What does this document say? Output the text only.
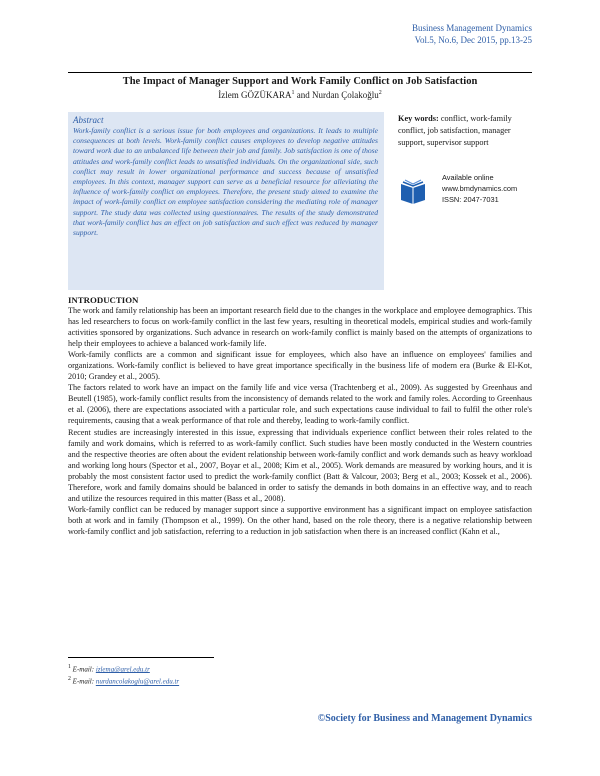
Business Management Dynamics
Vol.5, No.6, Dec 2015, pp.13-25
The Impact of Manager Support and Work Family Conflict on Job Satisfaction
İzlem GÖZÜKARA$^1$ and Nurdan Çolakoğlu$^2$
Abstract

Work-family conflict is a serious issue for both employees and organizations. It leads to multiple consequences at both levels. Work-family conflict causes employees to develop negative attitudes toward work due to an unbalanced life between their job and family. Job satisfaction is one of those attitudes and work-family conflict leads to unsatisfied individuals. On the organizational side, such conflict may result in lower organizational performance and success because of unsatisfied employees. In this context, manager support can serve as a beneficial resource for alleviating the influence of work-family conflict on employees. Therefore, the present study aimed to examine the impact of work-family conflict on employee satisfaction considering the mediating role of manager support. The study data was collected using questionnaires. The results of the study demonstrated that work-family conflict has an effect on job satisfaction and such effect was reduced by manager support.

Key words: conflict, work-family conflict, job satisfaction, manager support, supervisor support
Available online
www.bmdynamics.com
ISSN: 2047-7031
INTRODUCTION

The work and family relationship has been an important research field due to the changes in the workplace and employee demographics. This has led researchers to focus on work-family conflict in the last few years, resulting in theoretical models, empirical studies and work-family activities sponsored by organizations. Such advance in research on work-family conflict is mainly based on the attempts of organizations to help their employees to achieve a balanced work-family life.

Work-family conflicts are a common and significant issue for employees, which also have an influence on employees' families and organizations. Work-family conflict is believed to have great importance specifically in the business life of modern era (Burke & El-Kot, 2010; Grandey et al., 2005).

The factors related to work have an impact on the family life and vice versa (Trachtenberg et al., 2009). As suggested by Greenhaus and Beutell (1985), work-family conflict results from the inconsistency of demands related to the work and family roles. According to Greenhaus et al. (2006), there are expectations associated with a particular role, and such expectations cause individual to fail to fulfil the other role's requirements, causing that a weak performance of that role and thereby, leading to work-family conflict.

Recent studies are increasingly interested in this issue, expressing that individuals experience conflict between their roles related to the family and work domains, which is referred to as work-family conflict. Such studies have been mostly conducted in the Western countries and the respective theories are often about the evident relationship between work-family conflict and work demands such as heavy workload and working long hours (Spector et al., 2007, Boyar et al., 2008; Kim et al., 2005). Work demands are measured by working hours, and it is probably the most consistent factor used to predict the work-family conflict (Batt & Valcour, 2003; Berg et al., 2003; Kossek et al., 2006). Therefore, work and family domains should be balanced in order to satisfy the demands in both domains in an effective way, and to reach and utilize the resources required in this matter (Bass et al., 2008).

Work-family conflict can be reduced by manager support since a supportive environment has a significant impact on employee satisfaction both at work and in family (Thompson et al., 1999). On the other hand, based on the role theory, there is a negative relationship between work-family conflict and job satisfaction, referring to a reduction in job satisfaction when there is an increased conflict (Kahn et al.,

$^1$ E-mail: izlemg@arel.edu.tr
$^2$ E-mail: nurdancolakoglu@arel.edu.tr
©Society for Business and Management Dynamics
